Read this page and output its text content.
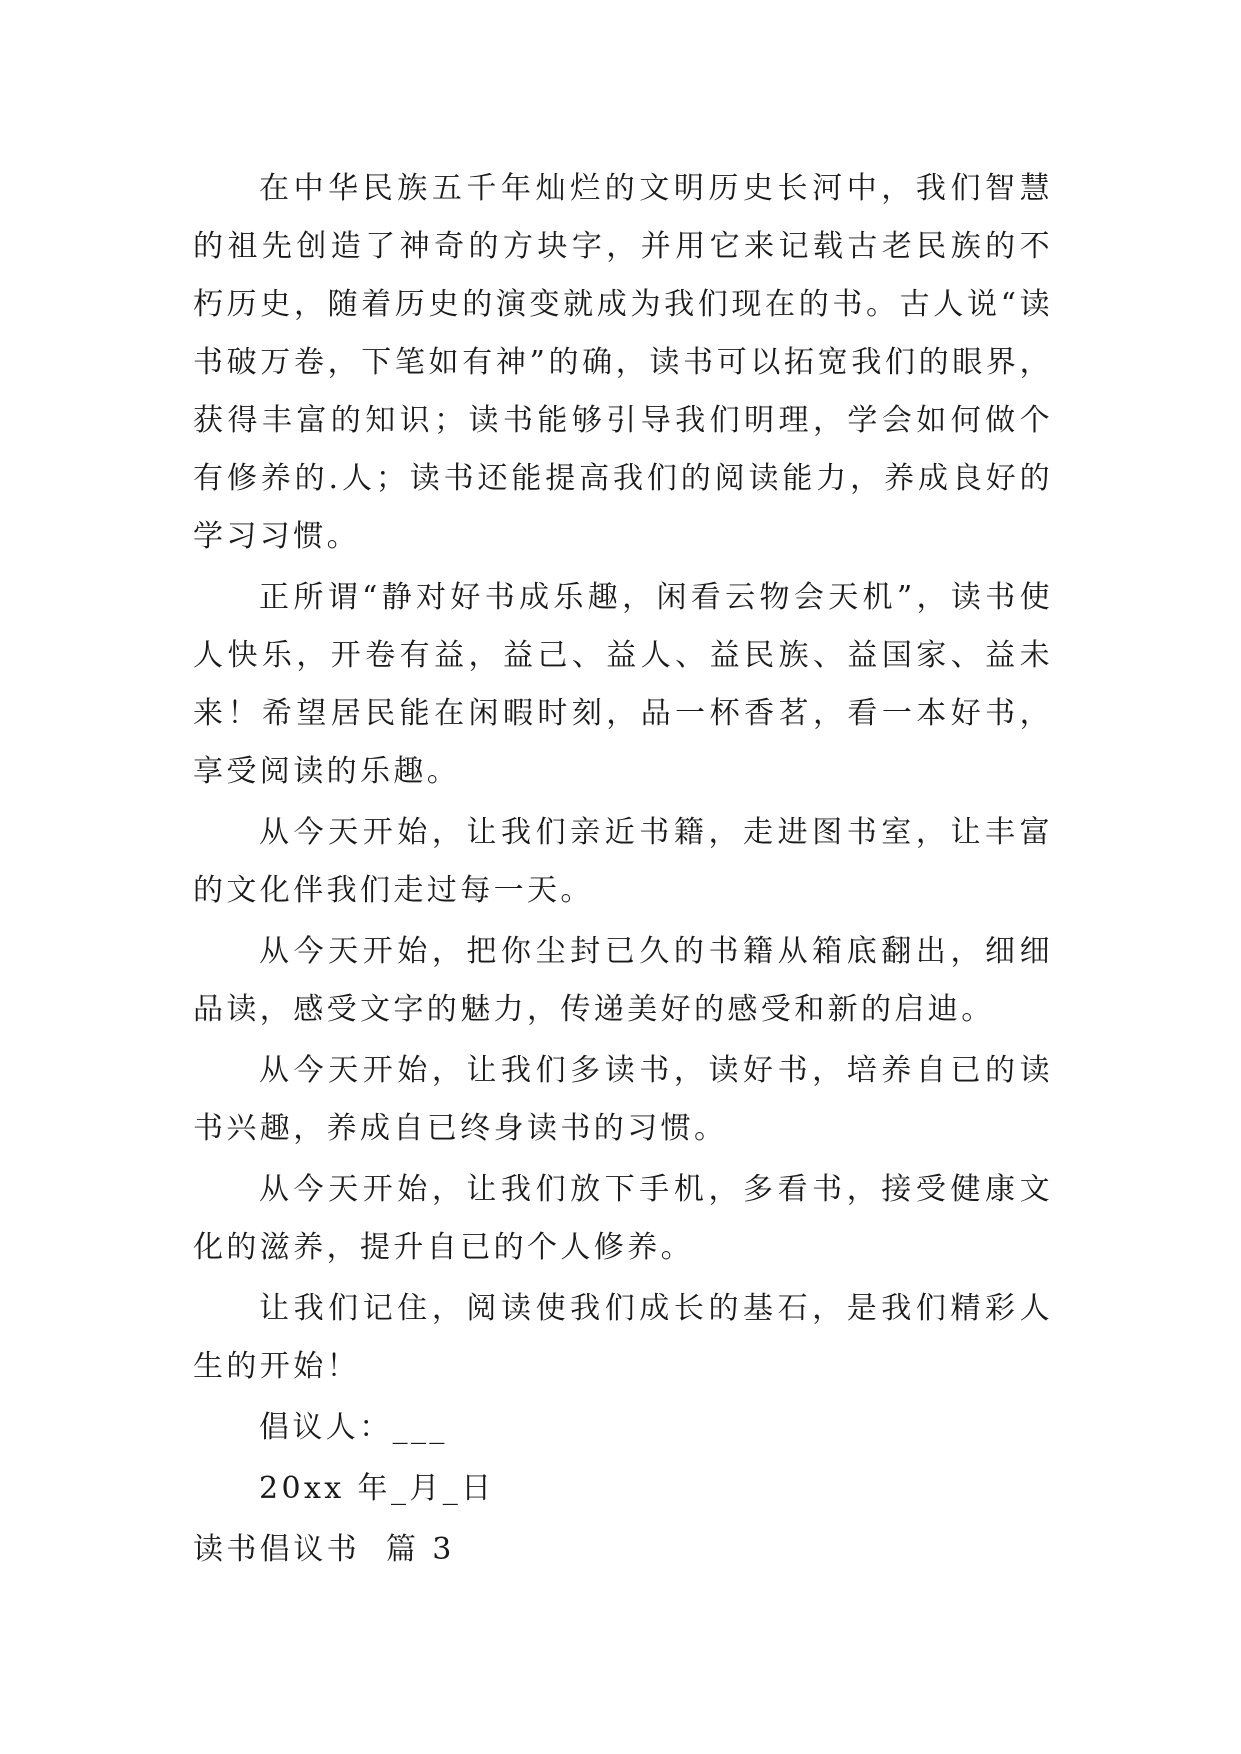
在中华民族五千年灿烂的文明历史长河中，我们智慧的祖先创造了神奇的方块字，并用它来记载古老民族的不朽历史，随着历史的演变就成为我们现在的书。古人说“读书破万卷，下笔如有神”的确，读书可以拓宽我们的眼界，获得丰富的知识；读书能够引导我们明理，学会如何做个有修养的.人；读书还能提高我们的阅读能力，养成良好的学习习惯。

正所谓“静对好书成乐趣，闲看云物会天机”，读书使人快乐，开卷有益，益己、益人、益民族、益国家、益未来！希望居民能在闲暇时刻，品一杯香茗，看一本好书，享受阅读的乐趣。

从今天开始，让我们亲近书籍，走进图书室，让丰富的文化伴我们走过每一天。

从今天开始，把你尘封已久的书籍从箱底翻出，细细品读，感受文字的魅力，传递美好的感受和新的启迪。

从今天开始，让我们多读书，读好书，培养自已的读书兴趣，养成自已终身读书的习惯。

从今天开始，让我们放下手机，多看书，接受健康文化的滋养，提升自已的个人修养。

让我们记住，阅读使我们成长的基石，是我们精彩人生的开始！

倡议人：___

20xx 年_月_日

读书倡议书  篇 3
